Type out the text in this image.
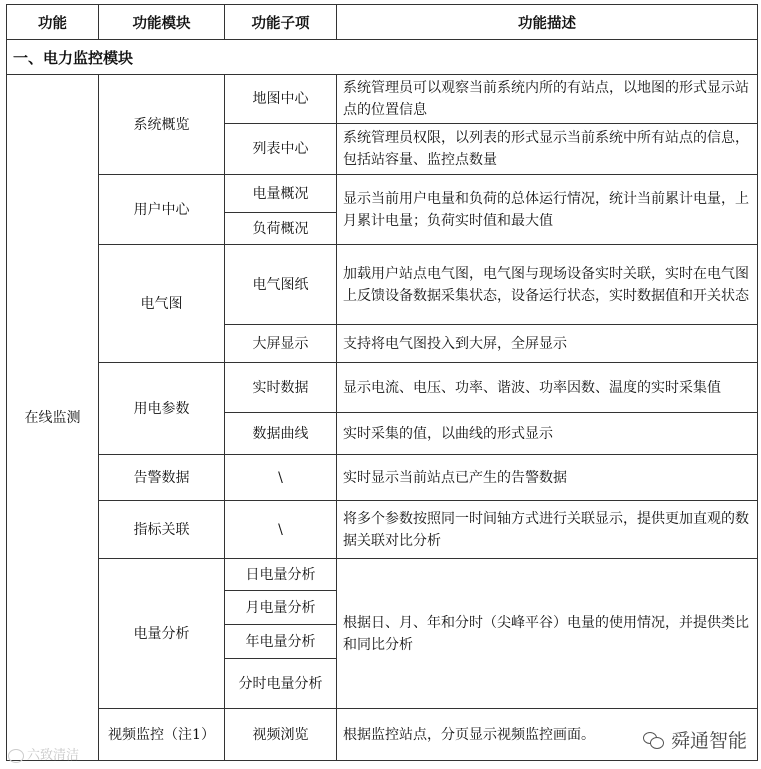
功能	功能模块	功能子项	功能描述
一、电力监控模块			
在线监测	系统概览	地图中心	系统管理员可以观察当前系统内所的有站点，以地图的形式显示站点的位置信息
		列表中心	系统管理员权限，以列表的形式显示当前系统中所有站点的信息，包括站容量、监控点数量
	用户中心	电量概况	显示当前用户电量和负荷的总体运行情况，统计当前累计电量，上月累计电量；负荷实时值和最大值
		负荷概况	
	电气图	电气图纸	加载用户站点电气图，电气图与现场设备实时关联，实时在电气图上反馈设备数据采集状态，设备运行状态，实时数据值和开关状态
		大屏显示	支持将电气图投入到大屏，全屏显示
	用电参数	实时数据	显示电流、电压、功率、谐波、功率因数、温度的实时采集值
		数据曲线	实时采集的值，以曲线的形式显示
	告警数据	\	实时显示当前站点已产生的告警数据
	指标关联	\	将多个参数按照同一时间轴方式进行关联显示，提供更加直观的数据关联对比分析
	电量分析	日电量分析	根据日、月、年和分时（尖峰平谷）电量的使用情况，并提供类比和同比分析
		月电量分析	
		年电量分析	
		分时电量分析	
	视频监控（注1）	视频浏览	根据监控站点，分页显示视频监控画面。
六致清洁
舜通智能
